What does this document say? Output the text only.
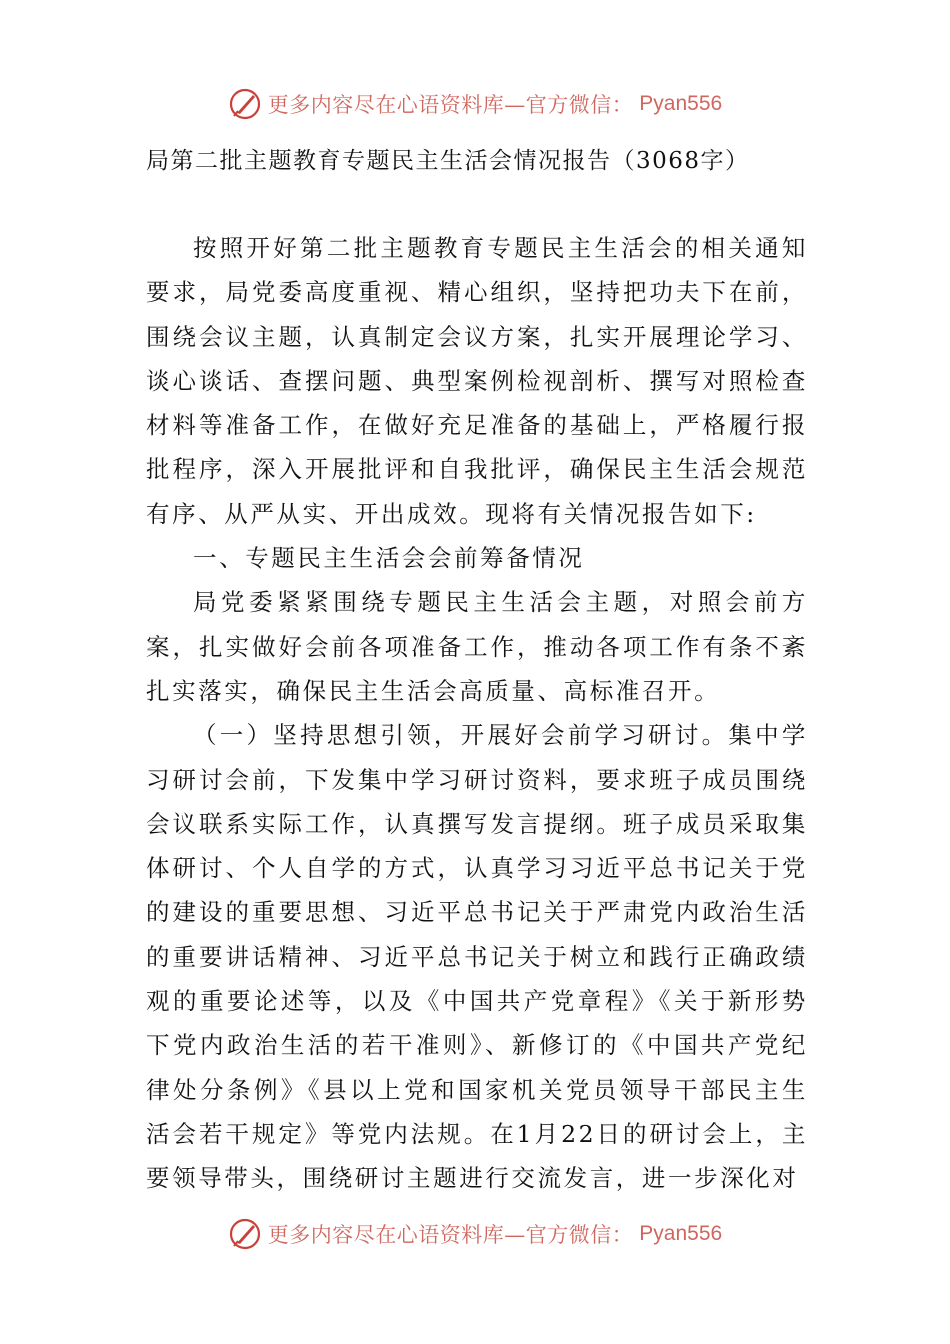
更多内容尽在心语资料库—官方微信： Pyan556
局第二批主题教育专题民主生活会情况报告（3068字）

按照开好第二批主题教育专题民主生活会的相关通知要求，局党委高度重视、精心组织，坚持把功夫下在前，围绕会议主题，认真制定会议方案，扎实开展理论学习、谈心谈话、查摆问题、典型案例检视剖析、撰写对照检查材料等准备工作，在做好充足准备的基础上，严格履行报批程序，深入开展批评和自我批评，确保民主生活会规范有序、从严从实、开出成效。现将有关情况报告如下:

一、专题民主生活会会前筹备情况

局党委紧紧围绕专题民主生活会主题，对照会前方案，扎实做好会前各项准备工作，推动各项工作有条不紊扎实落实，确保民主生活会高质量、高标准召开。

（一）坚持思想引领，开展好会前学习研讨。集中学习研讨会前，下发集中学习研讨资料，要求班子成员围绕会议联系实际工作，认真撰写发言提纲。班子成员采取集体研讨、个人自学的方式，认真学习习近平总书记关于党的建设的重要思想、习近平总书记关于严肃党内政治生活的重要讲话精神、习近平总书记关于树立和践行正确政绩观的重要论述等，以及《中国共产党章程》《关于新形势下党内政治生活的若干准则》、新修订的《中国共产党纪律处分条例》《县以上党和国家机关党员领导干部民主生活会若干规定》等党内法规。在1月22日的研讨会上，主要领导带头，围绕研讨主题进行交流发言，进一步深化对

更多内容尽在心语资料库—官方微信： Pyan556
